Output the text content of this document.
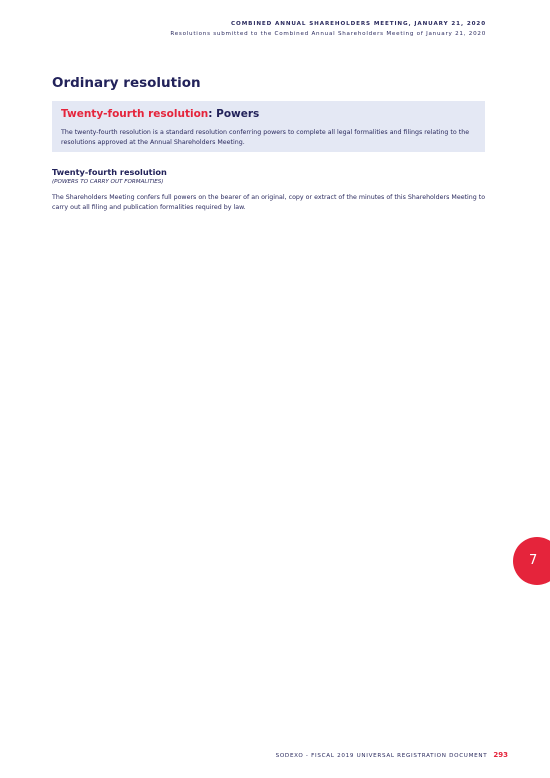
COMBINED ANNUAL SHAREHOLDERS MEETING, JANUARY 21, 2020
Resolutions submitted to the Combined Annual Shareholders Meeting of January 21, 2020
Ordinary resolution
Twenty-fourth resolution: Powers
The twenty-fourth resolution is a standard resolution conferring powers to complete all legal formalities and filings relating to the resolutions approved at the Annual Shareholders Meeting.
Twenty-fourth resolution
(POWERS TO CARRY OUT FORMALITIES)
The Shareholders Meeting confers full powers on the bearer of an original, copy or extract of the minutes of this Shareholders Meeting to carry out all filing and publication formalities required by law.
7
SODEXO - FISCAL 2019 UNIVERSAL REGISTRATION DOCUMENT 293
